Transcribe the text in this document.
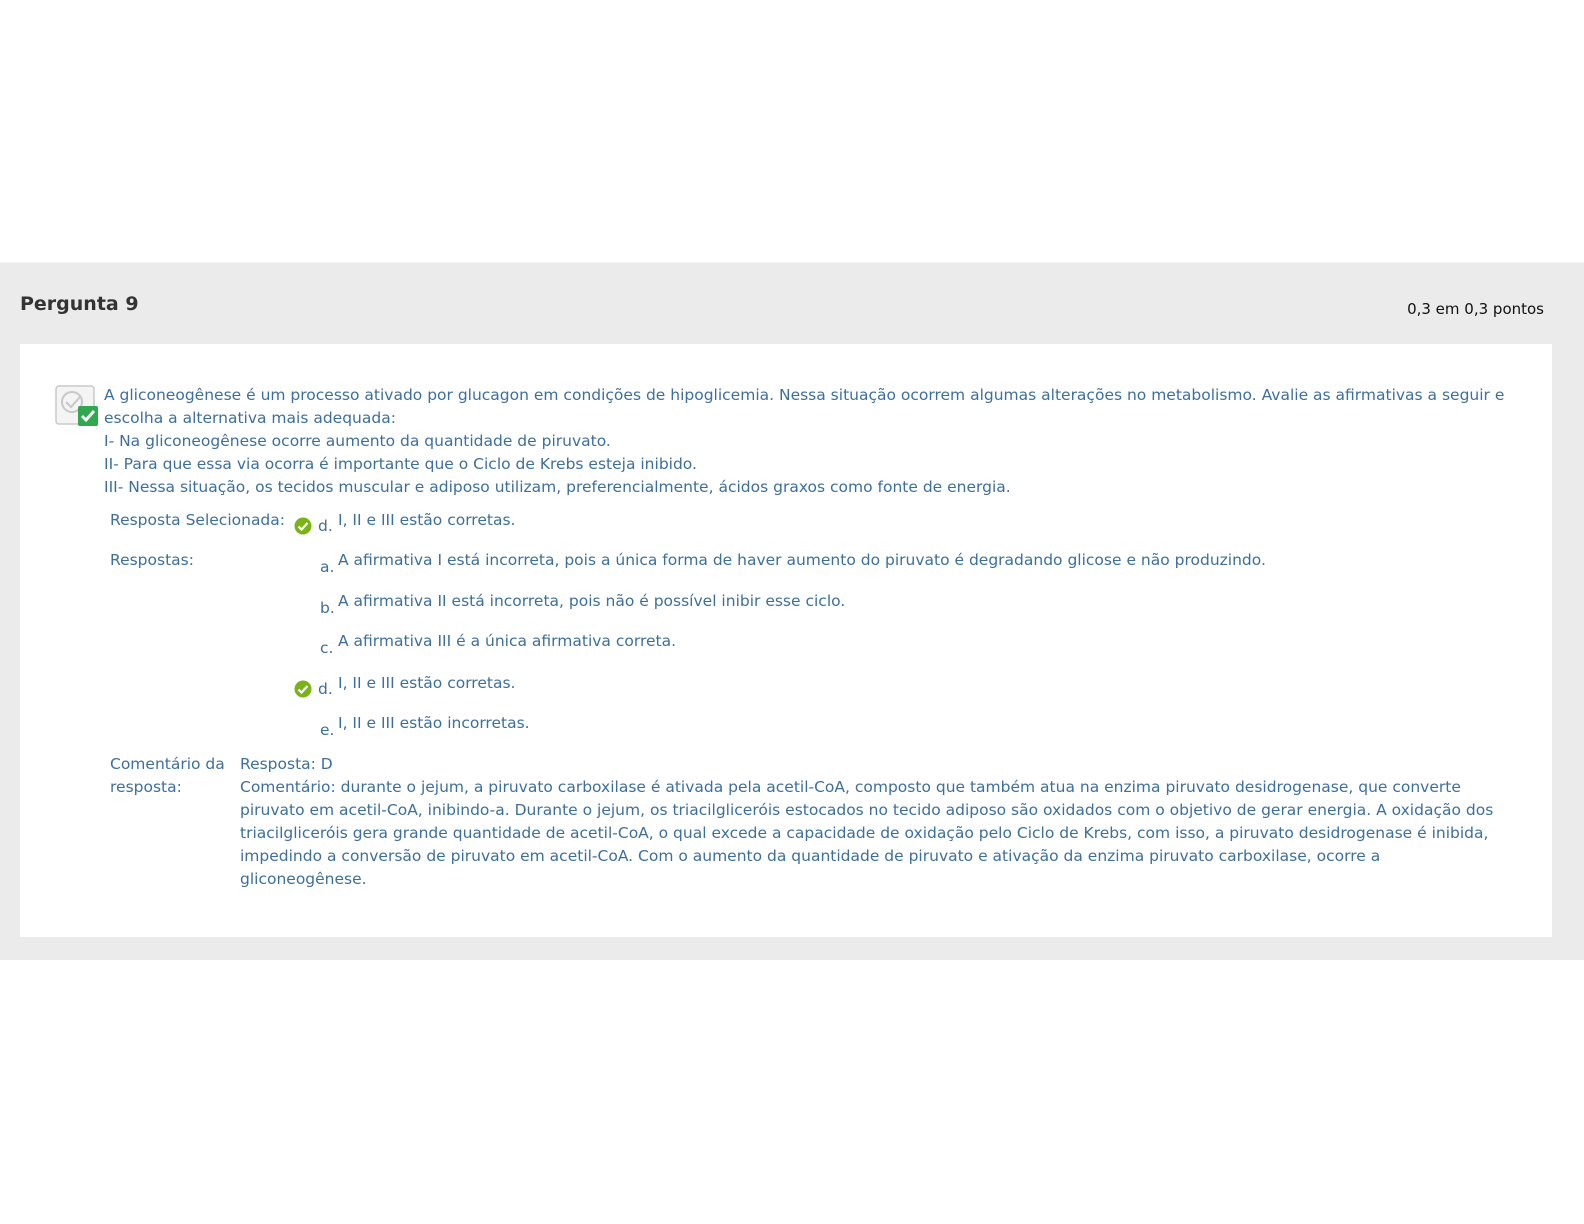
Pergunta 9	0,3 em 0,3 pontos
A gliconeogênese é um processo ativado por glucagon em condições de hipoglicemia. Nessa situação ocorrem algumas alterações no metabolismo. Avalie as afirmativas a seguir e escolha a alternativa mais adequada:
I- Na gliconeogênese ocorre aumento da quantidade de piruvato.
II- Para que essa via ocorra é importante que o Ciclo de Krebs esteja inibido.
III- Nessa situação, os tecidos muscular e adiposo utilizam, preferencialmente, ácidos graxos como fonte de energia.
Resposta Selecionada: d. I, II e III estão corretas.
Respostas:	a. A afirmativa I está incorreta, pois a única forma de haver aumento do piruvato é degradando glicose e não produzindo.
b. A afirmativa II está incorreta, pois não é possível inibir esse ciclo.
c. A afirmativa III é a única afirmativa correta.
d. I, II e III estão corretas.
e. I, II e III estão incorretas.
Comentário da
resposta:
Resposta: D
Comentário: durante o jejum, a piruvato carboxilase é ativada pela acetil-CoA, composto que também atua na enzima piruvato desidrogenase, que converte piruvato em acetil-CoA, inibindo-a. Durante o jejum, os triacilgliceróis estocados no tecido adiposo são oxidados com o objetivo de gerar energia. A oxidação dos triacilgliceróis gera grande quantidade de acetil-CoA, o qual excede a capacidade de oxidação pelo Ciclo de Krebs, com isso, a piruvato desidrogenase é inibida, impedindo a conversão de piruvato em acetil-CoA. Com o aumento da quantidade de piruvato e ativação da enzima piruvato carboxilase, ocorre a gliconeogênese.
